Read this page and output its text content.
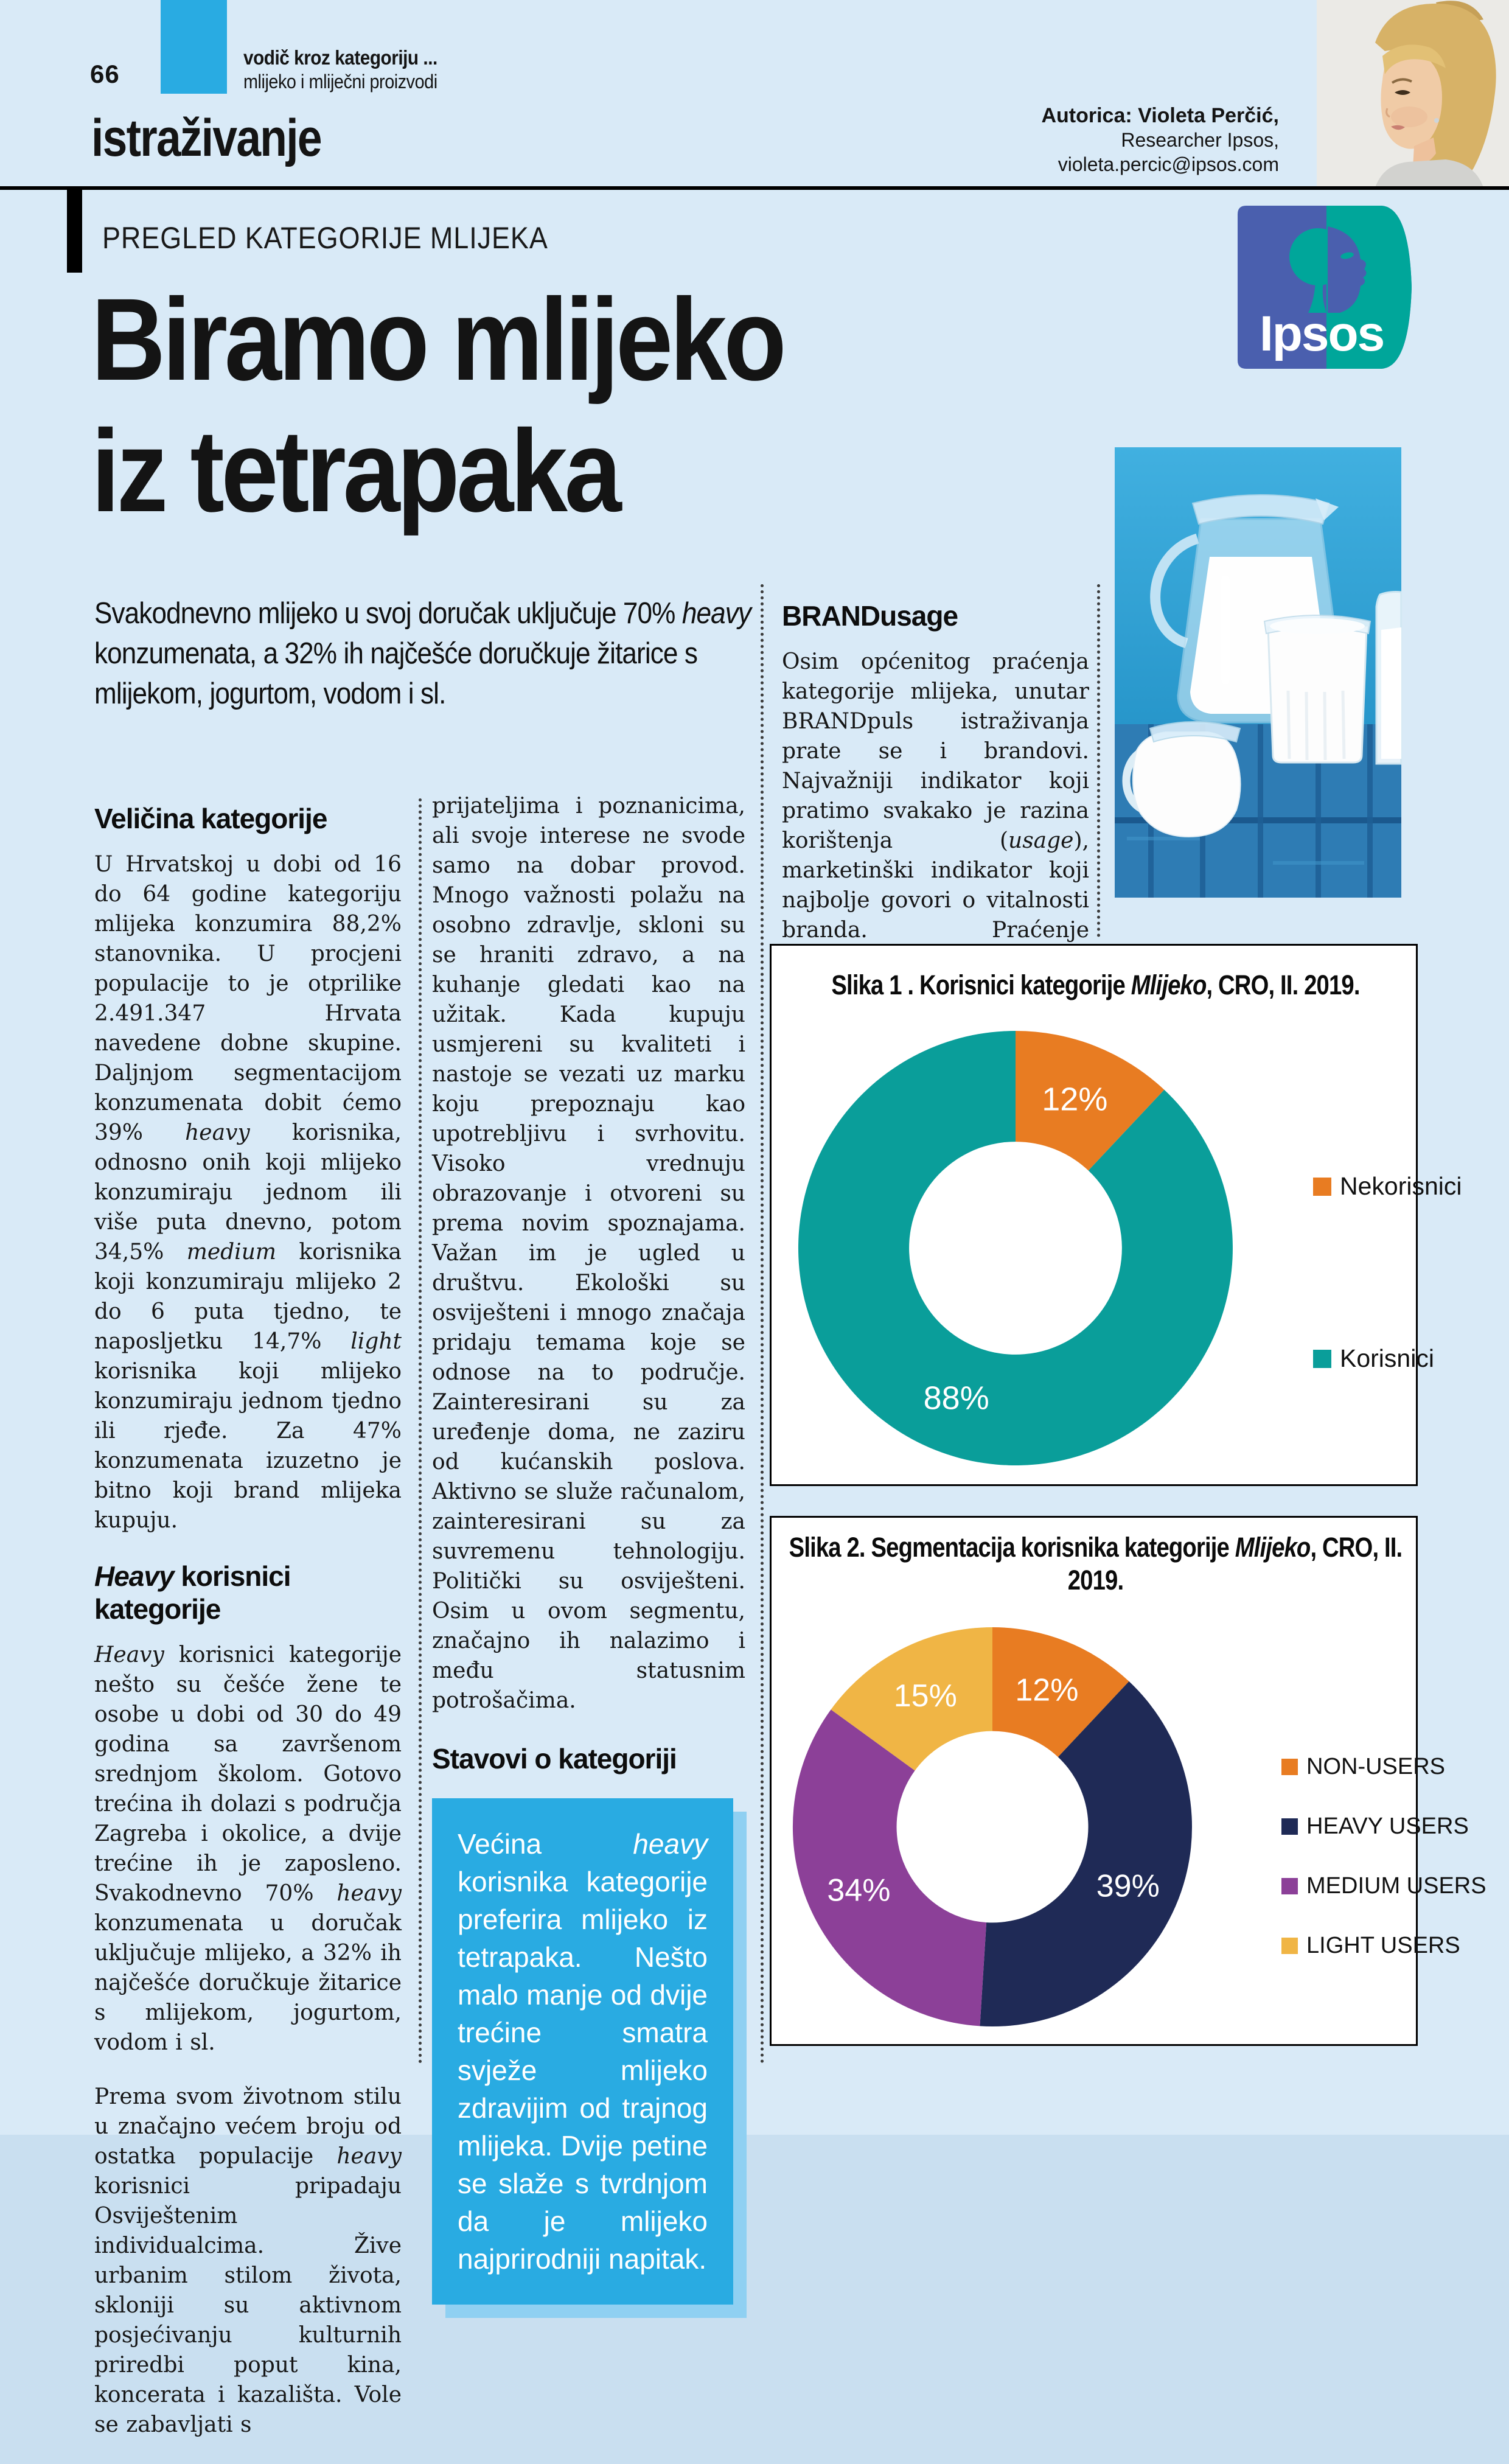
66
vodič kroz kategoriju ...
mlijeko i mliječni proizvodi
istraživanje	Autorica: Violeta Perčić,
Researcher Ipsos,
violeta.percic@ipsos.com
PREGLED KATEGORIJE MLIJEKA
Ipsos
Biramo mlijeko
iz tetrapaka
Svakodnevno mlijeko u svoj doručak uključuje 70% heavy konzumenata, a 32% ih najčešće doručkuje žitarice s mlijekom, jogurtom, vodom i sl.
Veličina kategorije

U Hrvatskoj u dobi od 16 do 64 godine kategoriju mlijeka konzumira 88,2% stanovnika. U procjeni populacije to je otprilike 2.491.347 Hrvata navedene dobne skupine. Daljnjom segmentacijom konzumenata dobit ćemo 39% heavy korisnika, odnosno onih koji mlijeko konzumiraju jednom ili više puta dnevno, potom 34,5% medium korisnika koji konzumiraju mlijeko 2 do 6 puta tjedno, te naposljetku 14,7% light korisnika koji mlijeko konzumiraju jednom tjedno ili rjeđe. Za 47% konzumenata izuzetno je bitno koji brand mlijeka kupuju.

Heavy korisnici kategorije

Heavy korisnici kategorije nešto su češće žene te osobe u dobi od 30 do 49 godina sa završenom srednjom školom. Gotovo trećina ih dolazi s područja Zagreba i okolice, a dvije trećine ih je zaposleno. Svakodnevno 70% heavy konzumenata u doručak uključuje mlijeko, a 32% ih najčešće doručkuje žitarice s mlijekom, jogurtom, vodom i sl.

Prema svom životnom stilu u značajno većem broju od ostatka populacije heavy korisnici pripadaju Osviještenim individualcima. Žive urbanim stilom života, skloniji su aktivnom posjećivanju kulturnih priredbi poput kina, koncerata i kazališta. Vole se zabavljati s

prijateljima i poznanicima, ali svoje interese ne svode samo na dobar provod. Mnogo važnosti polažu na osobno zdravlje, skloni su se hraniti zdravo, a na kuhanje gledati kao na užitak. Kada kupuju usmjereni su kvaliteti i nastoje se vezati uz marku koju prepoznaju kao upotrebljivu i svrhovitu. Visoko vrednuju obrazovanje i otvoreni su prema novim spoznajama. Važan im je ugled u društvu. Ekološki su osviješteni i mnogo značaja pridaju temama koje se odnose na to područje. Zainteresirani su za uređenje doma, ne zaziru od kućanskih poslova. Aktivno se služe računalom, zainteresirani su za suvremenu tehnologiju. Politički su osviješteni. Osim u ovom segmentu, značajno ih nalazimo i među statusnim potrošačima.

Stavovi o kategoriji
Većina heavy korisnika kategorije preferira mlijeko iz tetrapaka. Nešto malo manje od dvije trećine smatra svježe mlijeko zdravijim od trajnog mlijeka. Dvije petine se slaže s tvrdnjom da je mlijeko najprirodniji napitak.
BRANDusage

Osim općenitog praćenja kategorije mlijeka, unutar BRANDpuls istraživanja prate se i brandovi. Najvažniji indikator koji pratimo svakako je razina korištenja (usage), marketinški indikator koji najbolje govori o vitalnosti branda. Praćenje

Slika 1 . Korisnici kategorije Mlijeko, CRO, II. 2019.
12%
88%
Nekorisnici
Korisnici
Slika 2. Segmentacija korisnika kategorije Mlijeko, CRO, II. 2019.
12%
39%
34%
15%
NON-USERS
HEAVY USERS
MEDIUM USERS
LIGHT USERS
